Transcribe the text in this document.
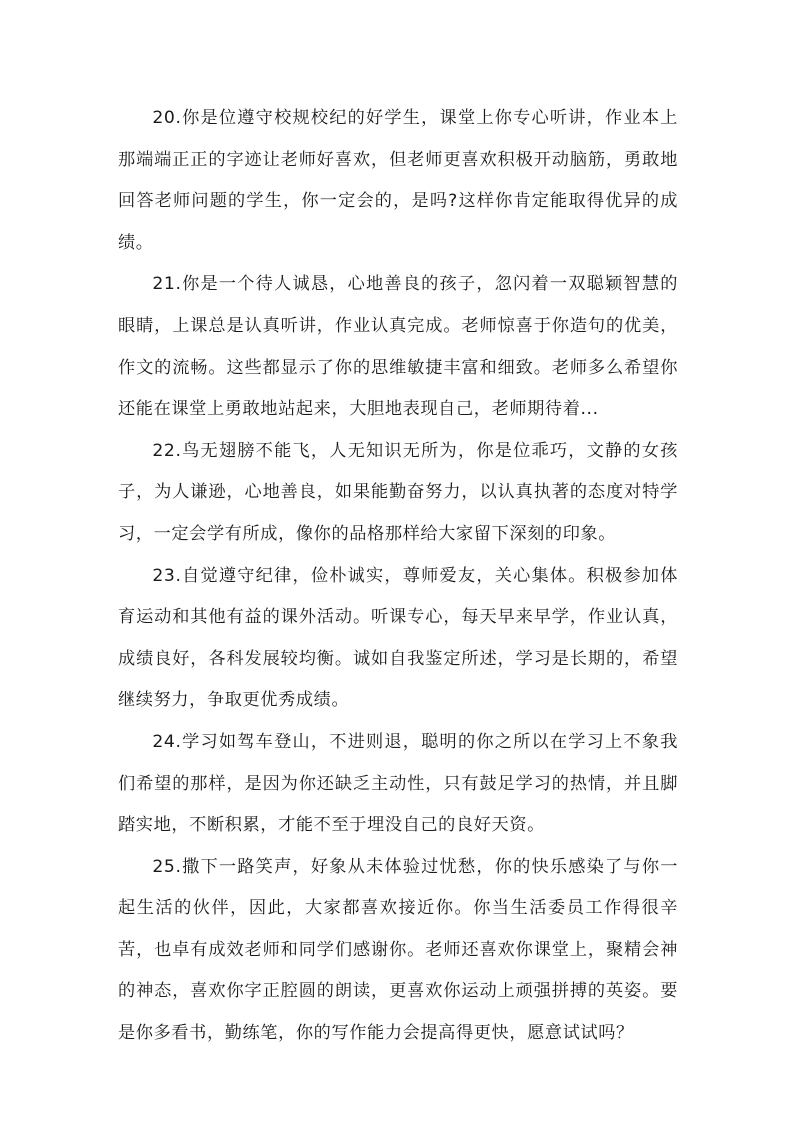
20.你是位遵守校规校纪的好学生，课堂上你专心听讲，作业本上那端端正正的字迹让老师好喜欢，但老师更喜欢积极开动脑筋，勇敢地回答老师问题的学生，你一定会的，是吗?这样你肯定能取得优异的成绩。

21.你是一个待人诚恳，心地善良的孩子，忽闪着一双聪颖智慧的眼睛，上课总是认真听讲，作业认真完成。老师惊喜于你造句的优美，作文的流畅。这些都显示了你的思维敏捷丰富和细致。老师多么希望你还能在课堂上勇敢地站起来，大胆地表现自己，老师期待着...

22.鸟无翅膀不能飞，人无知识无所为，你是位乖巧，文静的女孩子，为人谦逊，心地善良，如果能勤奋努力，以认真执著的态度对特学习，一定会学有所成，像你的品格那样给大家留下深刻的印象。

23.自觉遵守纪律，俭朴诚实，尊师爱友，关心集体。积极参加体育运动和其他有益的课外活动。听课专心，每天早来早学，作业认真，成绩良好，各科发展较均衡。诚如自我鉴定所述，学习是长期的，希望继续努力，争取更优秀成绩。

24.学习如驾车登山，不进则退，聪明的你之所以在学习上不象我们希望的那样，是因为你还缺乏主动性，只有鼓足学习的热情，并且脚踏实地，不断积累，才能不至于埋没自己的良好天资。

25.撒下一路笑声，好象从未体验过忧愁，你的快乐感染了与你一起生活的伙伴，因此，大家都喜欢接近你。你当生活委员工作得很辛苦，也卓有成效老师和同学们感谢你。老师还喜欢你课堂上，聚精会神的神态，喜欢你字正腔圆的朗读，更喜欢你运动上顽强拼搏的英姿。要是你多看书，勤练笔，你的写作能力会提高得更快，愿意试试吗？
